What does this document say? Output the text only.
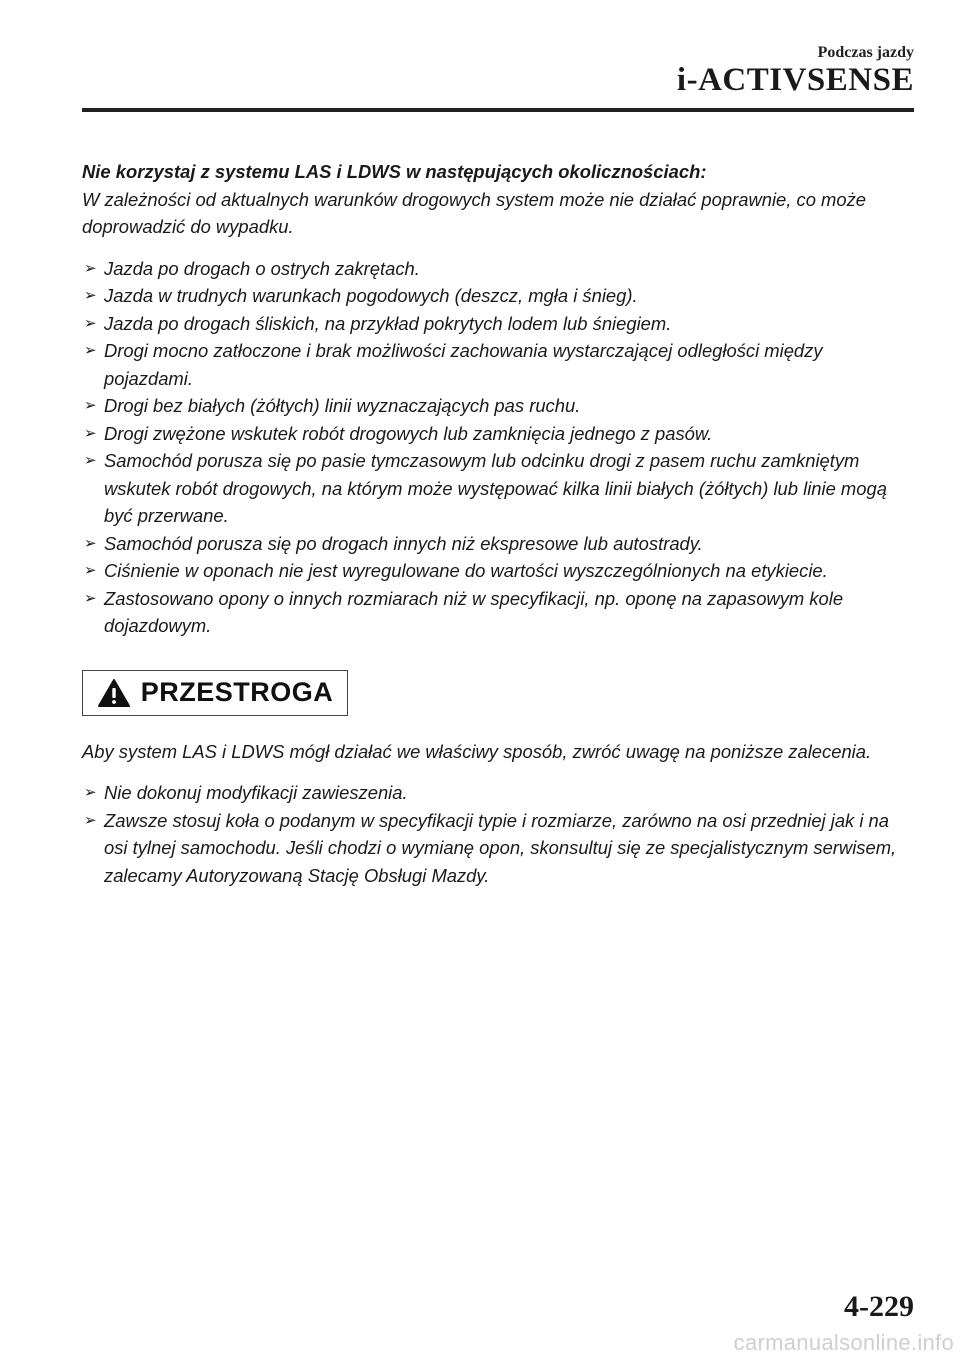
Podczas jazdy
i-ACTIVSENSE

Nie korzystaj z systemu LAS i LDWS w następujących okolicznościach:

W zależności od aktualnych warunków drogowych system może nie działać poprawnie, co może doprowadzić do wypadku.

➢ Jazda po drogach o ostrych zakrętach.
➢ Jazda w trudnych warunkach pogodowych (deszcz, mgła i śnieg).
➢ Jazda po drogach śliskich, na przykład pokrytych lodem lub śniegiem.
➢ Drogi mocno zatłoczone i brak możliwości zachowania wystarczającej odległości między pojazdami.
➢ Drogi bez białych (żółtych) linii wyznaczających pas ruchu.
➢ Drogi zwężone wskutek robót drogowych lub zamknięcia jednego z pasów.
➢ Samochód porusza się po pasie tymczasowym lub odcinku drogi z pasem ruchu zamkniętym wskutek robót drogowych, na którym może występować kilka linii białych (żółtych) lub linie mogą być przerwane.
➢ Samochód porusza się po drogach innych niż ekspresowe lub autostrady.
➢ Ciśnienie w oponach nie jest wyregulowane do wartości wyszczególnionych na etykiecie.
➢ Zastosowano opony o innych rozmiarach niż w specyfikacji, np. oponę na zapasowym kole dojazdowym.
PRZESTROGA

Aby system LAS i LDWS mógł działać we właściwy sposób, zwróć uwagę na poniższe zalecenia.

➢ Nie dokonuj modyfikacji zawieszenia.
➢ Zawsze stosuj koła o podanym w specyfikacji typie i rozmiarze, zarówno na osi przedniej jak i na osi tylnej samochodu. Jeśli chodzi o wymianę opon, skonsultuj się ze specjalistycznym serwisem, zalecamy Autoryzowaną Stację Obsługi Mazdy.
4-229
carmanualsonline.info
